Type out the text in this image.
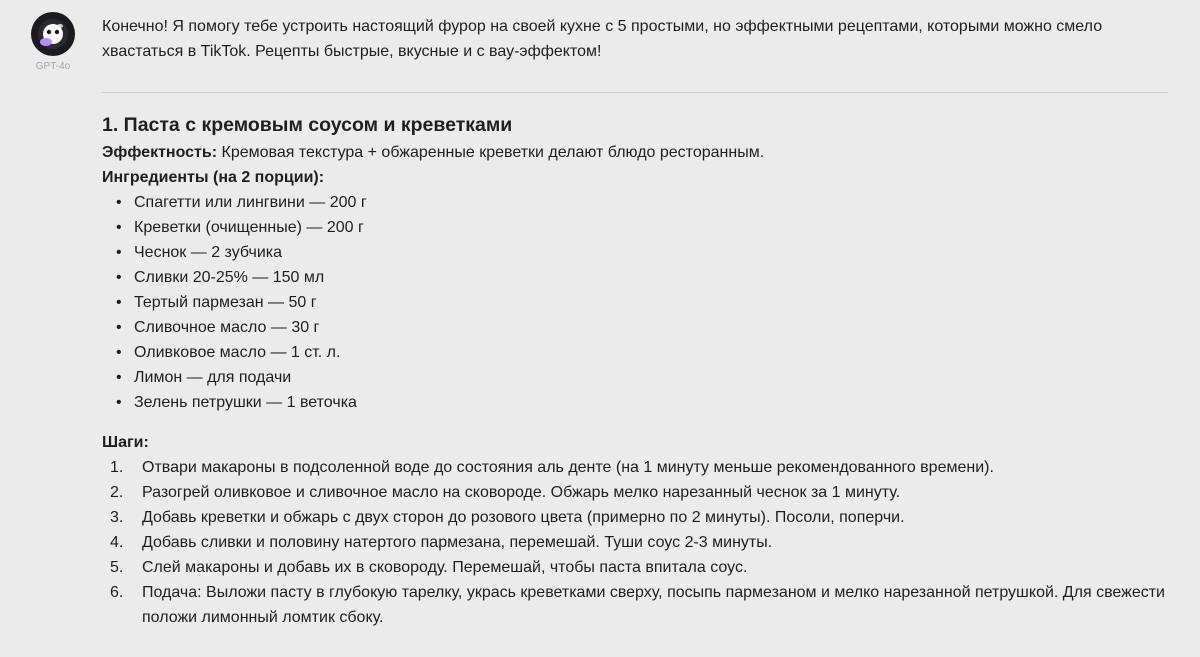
GPT-4o

Конечно! Я помогу тебе устроить настоящий фурор на своей кухне с 5 простыми, но эффектными рецептами, которыми можно смело хвастаться в TikTok. Рецепты быстрые, вкусные и с вау-эффектом!

1. Паста с кремовым соусом и креветками

Эффектность: Кремовая текстура + обжаренные креветки делают блюдо ресторанным.

Ингредиенты (на 2 порции):

• Спагетти или лингвини — 200 г
• Креветки (очищенные) — 200 г
• Чеснок — 2 зубчика
• Сливки 20-25% — 150 мл
• Тертый пармезан — 50 г
• Сливочное масло — 30 г
• Оливковое масло — 1 ст. л.
• Лимон — для подачи
• Зелень петрушки — 1 веточка

Шаги:

1. Отвари макароны в подсоленной воде до состояния аль денте (на 1 минуту меньше рекомендованного времени).
2. Разогрей оливковое и сливочное масло на сковороде. Обжарь мелко нарезанный чеснок за 1 минуту.
3. Добавь креветки и обжарь с двух сторон до розового цвета (примерно по 2 минуты). Посоли, поперчи.
4. Добавь сливки и половину натертого пармезана, перемешай. Туши соус 2-3 минуты.
5. Слей макароны и добавь их в сковороду. Перемешай, чтобы паста впитала соус.
6. Подача: Выложи пасту в глубокую тарелку, укрась креветками сверху, посыпь пармезаном и мелко нарезанной петрушкой. Для свежести положи лимонный ломтик сбоку.
